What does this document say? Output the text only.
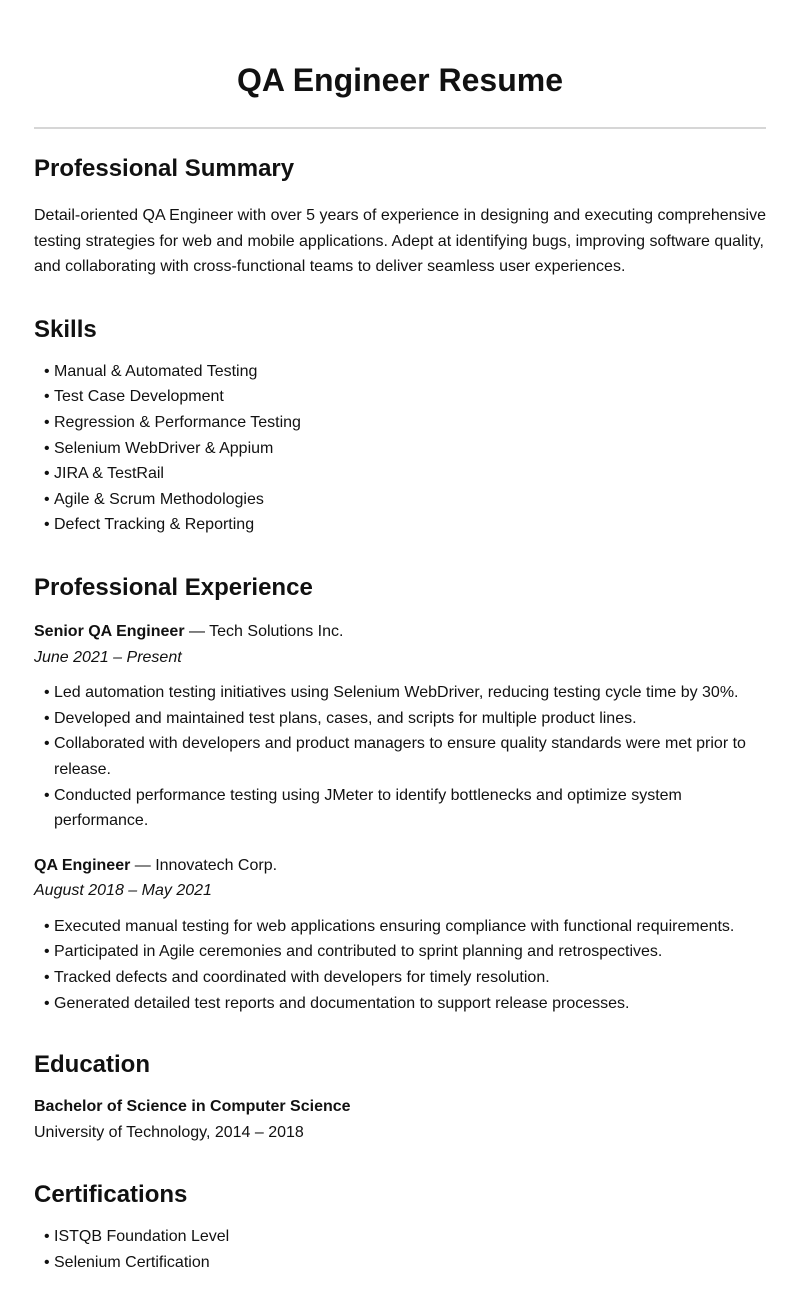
QA Engineer Resume
Professional Summary

Detail-oriented QA Engineer with over 5 years of experience in designing and executing comprehensive testing strategies for web and mobile applications. Adept at identifying bugs, improving software quality, and collaborating with cross-functional teams to deliver seamless user experiences.

Skills
• Manual & Automated Testing
• Test Case Development
• Regression & Performance Testing
• Selenium WebDriver & Appium
• JIRA & TestRail
• Agile & Scrum Methodologies
• Defect Tracking & Reporting
Professional Experience
Senior QA Engineer — Tech Solutions Inc.
June 2021 – Present
• Led automation testing initiatives using Selenium WebDriver, reducing testing cycle time by 30%.
• Developed and maintained test plans, cases, and scripts for multiple product lines.
• Collaborated with developers and product managers to ensure quality standards were met prior to release.
• Conducted performance testing using JMeter to identify bottlenecks and optimize system performance.
QA Engineer — Innovatech Corp.
August 2018 – May 2021
• Executed manual testing for web applications ensuring compliance with functional requirements.
• Participated in Agile ceremonies and contributed to sprint planning and retrospectives.
• Tracked defects and coordinated with developers for timely resolution.
• Generated detailed test reports and documentation to support release processes.
Education
Bachelor of Science in Computer Science
University of Technology, 2014 – 2018
Certifications
• ISTQB Foundation Level
• Selenium Certification
